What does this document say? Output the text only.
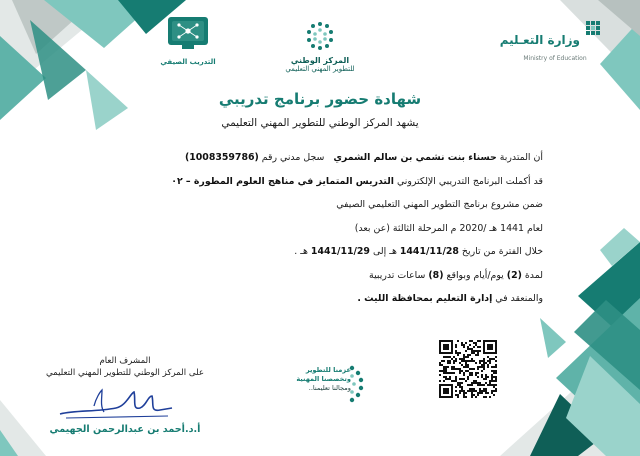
وزارة التعـليم
Ministry of Education
المركز الوطني
للتطوير المهني التعليمي
التدريب الصيفي
شهادة حضور برنامج تدريبي
يشهد المركز الوطني للتطوير المهني التعليمي
أن المتدربة حسناء بنت نشمي بن سالم الشمري   سجل مدني رقم (1008359786)
قد أكملت البرنامج التدريبي الإلكتروني التدريس المتمايز في مناهج العلوم المطورة – ٠٢
ضمن مشروع برنامج التطوير المهني التعليمي الصيفي
لعام 1441 هـ /2020 م المرحلة الثالثة (عن بعد)
خلال الفترة من تاريخ 1441/11/28 هـ إلى 1441/11/29 هـ .
لمدة (2) يوم/أيام وبواقع (8) ساعات تدريبية
والمنعقد في إدارة التعليم بمحافظة الليث .
المشرف العام
على المركز الوطني للتطوير المهني التعليمي
أ.د.أحمد بن عبدالرحمن الجهيمي
عزمنا للتطوير
وتخصصنا المهنية
ومجالنا تعليمنا..
